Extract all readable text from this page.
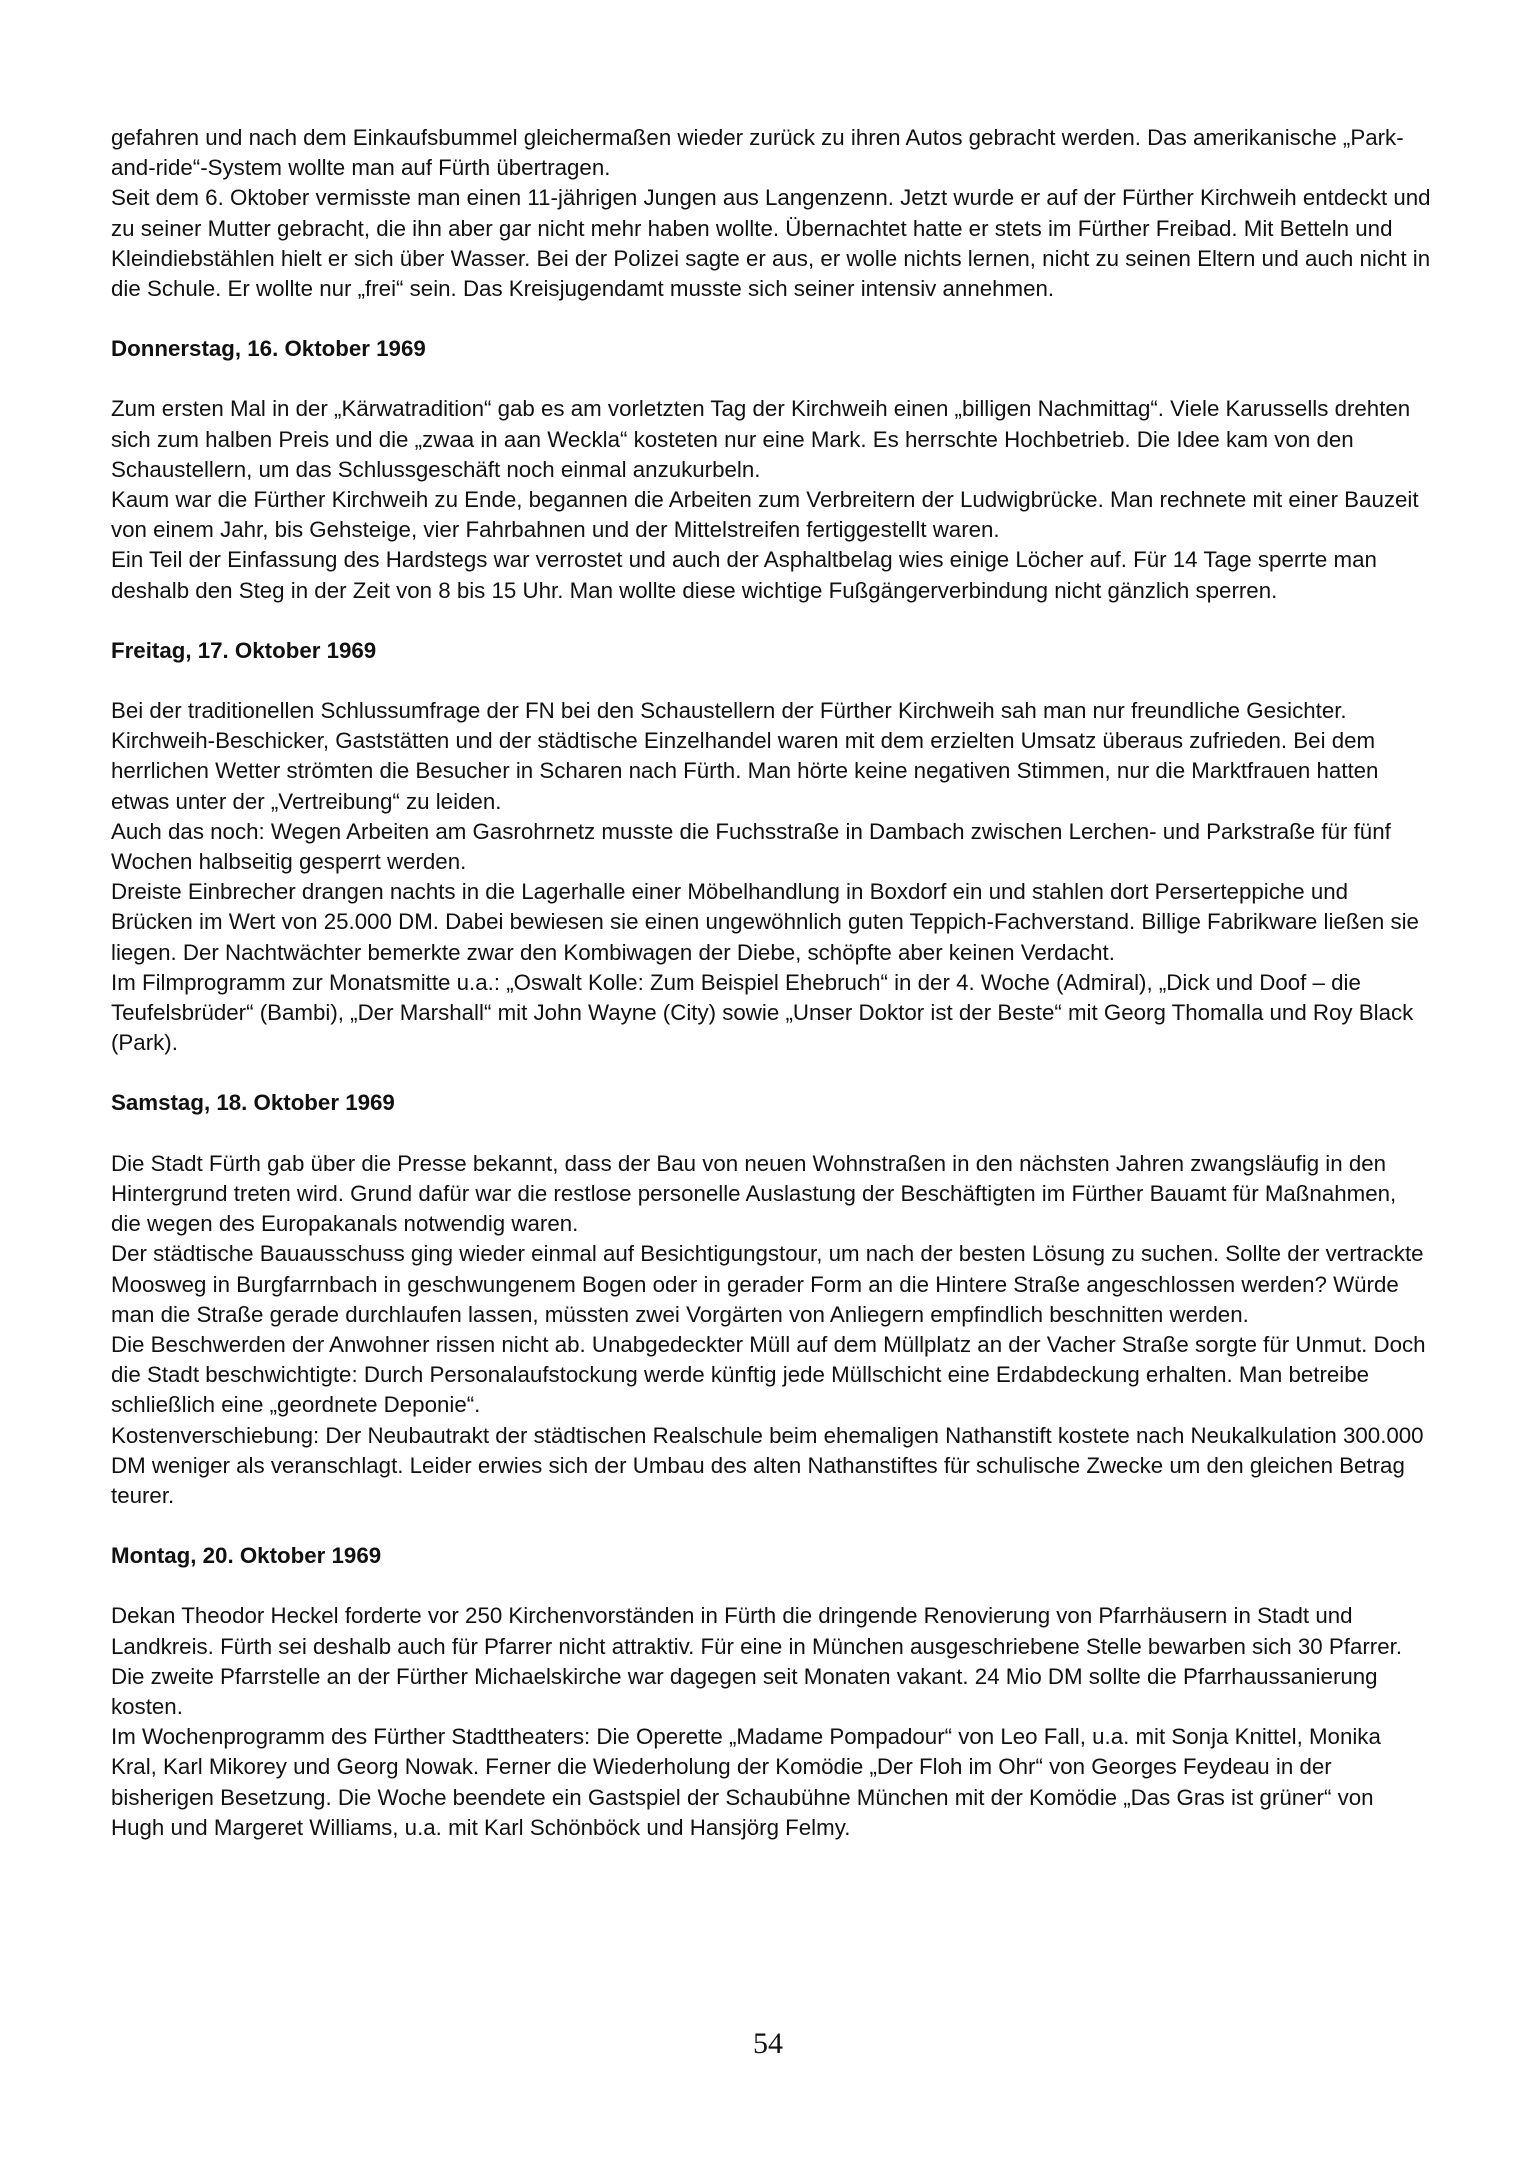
gefahren und nach dem Einkaufsbummel gleichermaßen wieder zurück zu ihren Autos gebracht werden. Das amerikanische „Park-and-ride“-System wollte man auf Fürth übertragen.

Seit dem 6. Oktober vermisste man einen 11-jährigen Jungen aus Langenzenn. Jetzt wurde er auf der Fürther Kirchweih entdeckt und zu seiner Mutter gebracht, die ihn aber gar nicht mehr haben wollte. Übernachtet hatte er stets im Fürther Freibad. Mit Betteln und Kleindiebstählen hielt er sich über Wasser. Bei der Polizei sagte er aus, er wolle nichts lernen, nicht zu seinen Eltern und auch nicht in die Schule. Er wollte nur „frei“ sein. Das Kreisjugendamt musste sich seiner intensiv annehmen.

Donnerstag, 16. Oktober 1969

Zum ersten Mal in der „Kärwatradition“ gab es am vorletzten Tag der Kirchweih einen „billigen Nachmittag“. Viele Karussells drehten sich zum halben Preis und die „zwaa in aan Weckla“ kosteten nur eine Mark. Es herrschte Hochbetrieb. Die Idee kam von den Schaustellern, um das Schlussgeschäft noch einmal anzukurbeln.

Kaum war die Fürther Kirchweih zu Ende, begannen die Arbeiten zum Verbreitern der Ludwigbrücke. Man rechnete mit einer Bauzeit von einem Jahr, bis Gehsteige, vier Fahrbahnen und der Mittelstreifen fertiggestellt waren.

Ein Teil der Einfassung des Hardstegs war verrostet und auch der Asphaltbelag wies einige Löcher auf. Für 14 Tage sperrte man deshalb den Steg in der Zeit von 8 bis 15 Uhr. Man wollte diese wichtige Fußgängerverbindung nicht gänzlich sperren.

Freitag, 17. Oktober 1969

Bei der traditionellen Schlussumfrage der FN bei den Schaustellern der Fürther Kirchweih sah man nur freundliche Gesichter. Kirchweih-Beschicker, Gaststätten und der städtische Einzelhandel waren mit dem erzielten Umsatz überaus zufrieden. Bei dem herrlichen Wetter strömten die Besucher in Scharen nach Fürth. Man hörte keine negativen Stimmen, nur die Marktfrauen hatten etwas unter der „Vertreibung“ zu leiden.

Auch das noch: Wegen Arbeiten am Gasrohrnetz musste die Fuchsstraße in Dambach zwischen Lerchen- und Parkstraße für fünf Wochen halbseitig gesperrt werden.

Dreiste Einbrecher drangen nachts in die Lagerhalle einer Möbelhandlung in Boxdorf ein und stahlen dort Perserteppiche und Brücken im Wert von 25.000 DM. Dabei bewiesen sie einen ungewöhnlich guten Teppich-Fachverstand. Billige Fabrikware ließen sie liegen. Der Nachtwächter bemerkte zwar den Kombiwagen der Diebe, schöpfte aber keinen Verdacht.

Im Filmprogramm zur Monatsmitte u.a.: „Oswalt Kolle: Zum Beispiel Ehebruch“ in der 4. Woche (Admiral), „Dick und Doof – die Teufelsbrüder“ (Bambi), „Der Marshall“ mit John Wayne (City) sowie „Unser Doktor ist der Beste“ mit Georg Thomalla und Roy Black (Park).

Samstag, 18. Oktober 1969

Die Stadt Fürth gab über die Presse bekannt, dass der Bau von neuen Wohnstraßen in den nächsten Jahren zwangsläufig in den Hintergrund treten wird. Grund dafür war die restlose personelle Auslastung der Beschäftigten im Fürther Bauamt für Maßnahmen, die wegen des Europakanals notwendig waren.

Der städtische Bauausschuss ging wieder einmal auf Besichtigungstour, um nach der besten Lösung zu suchen. Sollte der vertrackte Moosweg in Burgfarrnbach in geschwungenem Bogen oder in gerader Form an die Hintere Straße angeschlossen werden? Würde man die Straße gerade durchlaufen lassen, müssten zwei Vorgärten von Anliegern empfindlich beschnitten werden.

Die Beschwerden der Anwohner rissen nicht ab. Unabgedeckter Müll auf dem Müllplatz an der Vacher Straße sorgte für Unmut. Doch die Stadt beschwichtigte: Durch Personalaufstockung werde künftig jede Müllschicht eine Erdabdeckung erhalten. Man betreibe schließlich eine „geordnete Deponie“.

Kostenverschiebung: Der Neubautrakt der städtischen Realschule beim ehemaligen Nathanstift kostete nach Neukalkulation 300.000 DM weniger als veranschlagt. Leider erwies sich der Umbau des alten Nathanstiftes für schulische Zwecke um den gleichen Betrag teurer.

Montag, 20. Oktober 1969

Dekan Theodor Heckel forderte vor 250 Kirchenvorständen in Fürth die dringende Renovierung von Pfarrhäusern in Stadt und Landkreis. Fürth sei deshalb auch für Pfarrer nicht attraktiv. Für eine in München ausgeschriebene Stelle bewarben sich 30 Pfarrer. Die zweite Pfarrstelle an der Fürther Michaelskirche war dagegen seit Monaten vakant. 24 Mio DM sollte die Pfarrhaussanierung kosten.

Im Wochenprogramm des Fürther Stadttheaters: Die Operette „Madame Pompadour“ von Leo Fall, u.a. mit Sonja Knittel, Monika Kral, Karl Mikorey und Georg Nowak. Ferner die Wiederholung der Komödie „Der Floh im Ohr“ von Georges Feydeau in der bisherigen Besetzung. Die Woche beendete ein Gastspiel der Schaubühne München mit der Komödie „Das Gras ist grüner“ von Hugh und Margeret Williams, u.a. mit Karl Schönböck und Hansjörg Felmy.

54
